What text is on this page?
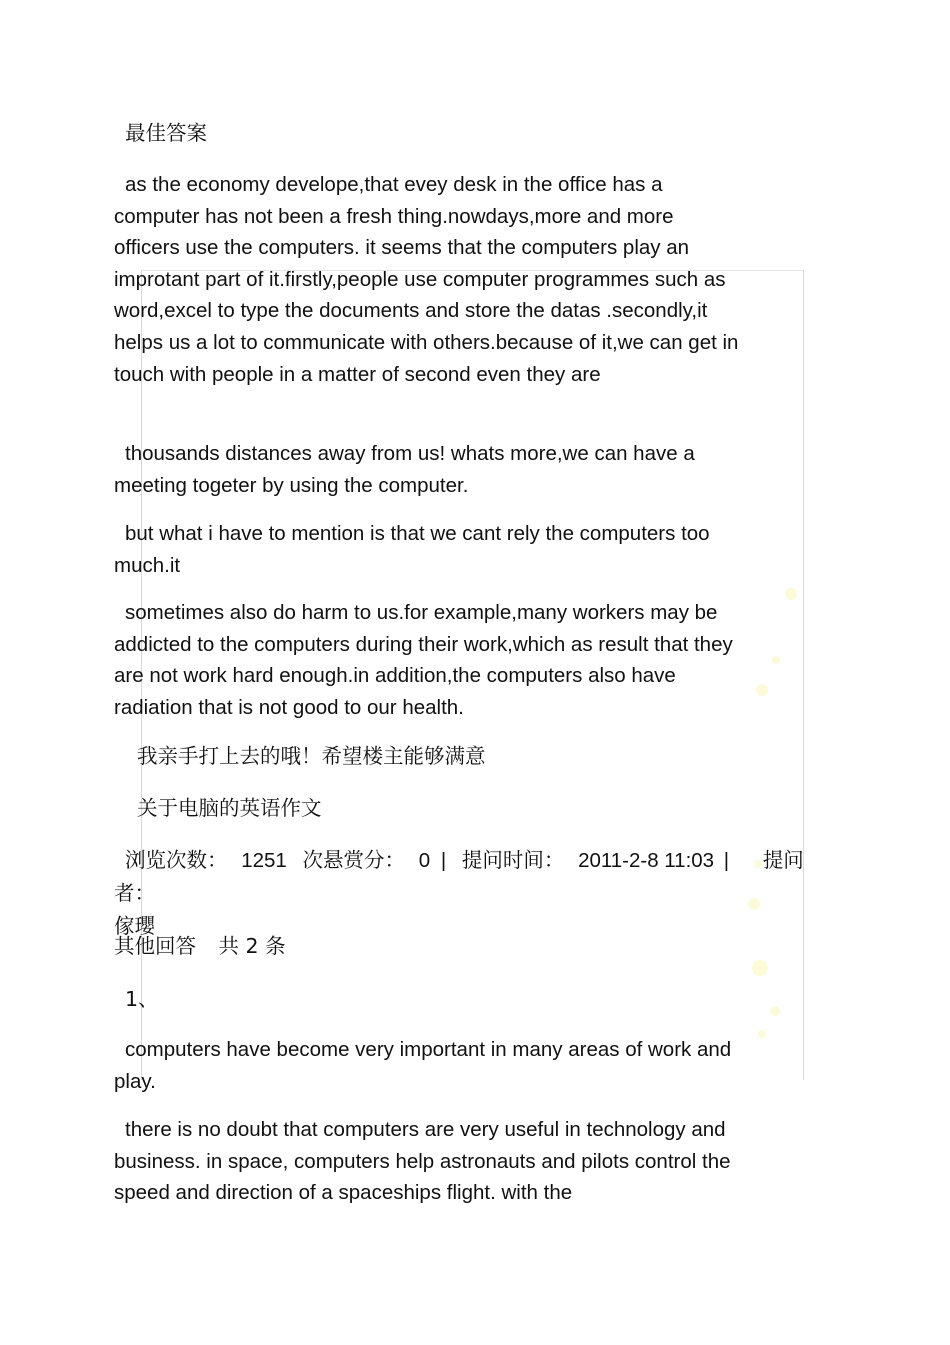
最佳答案

as the economy develope,that evey desk in the office has a computer has not been a fresh thing.nowdays,more and more officers use the computers. it seems that the computers play an improtant part of it.firstly,people use computer programmes such as word,excel to type the documents and store the datas .secondly,it helps us a lot to communicate with others.because of it,we can get in touch with people in a matter of second even they are

thousands distances away from us! whats more,we can have a meeting togeter by using the computer.

but what i have to mention is that we cant rely the computers too much.it

sometimes also do harm to us.for example,many workers may be addicted to the computers during their work,which as result that they are not work hard enough.in addition,the computers also have radiation that is not good to our health.

我亲手打上去的哦！希望楼主能够满意
关于电脑的英语作文
浏览次数： 1251 次悬赏分： 0 | 提问时间： 2011-2-8 11:03 | 提问者：
傢瓔
其他回答 共 2 条
1、

computers have become very important in many areas of work and play.

there is no doubt that computers are very useful in technology and business. in space, computers help astronauts and pilots control the speed and direction of a spaceships flight. with the
